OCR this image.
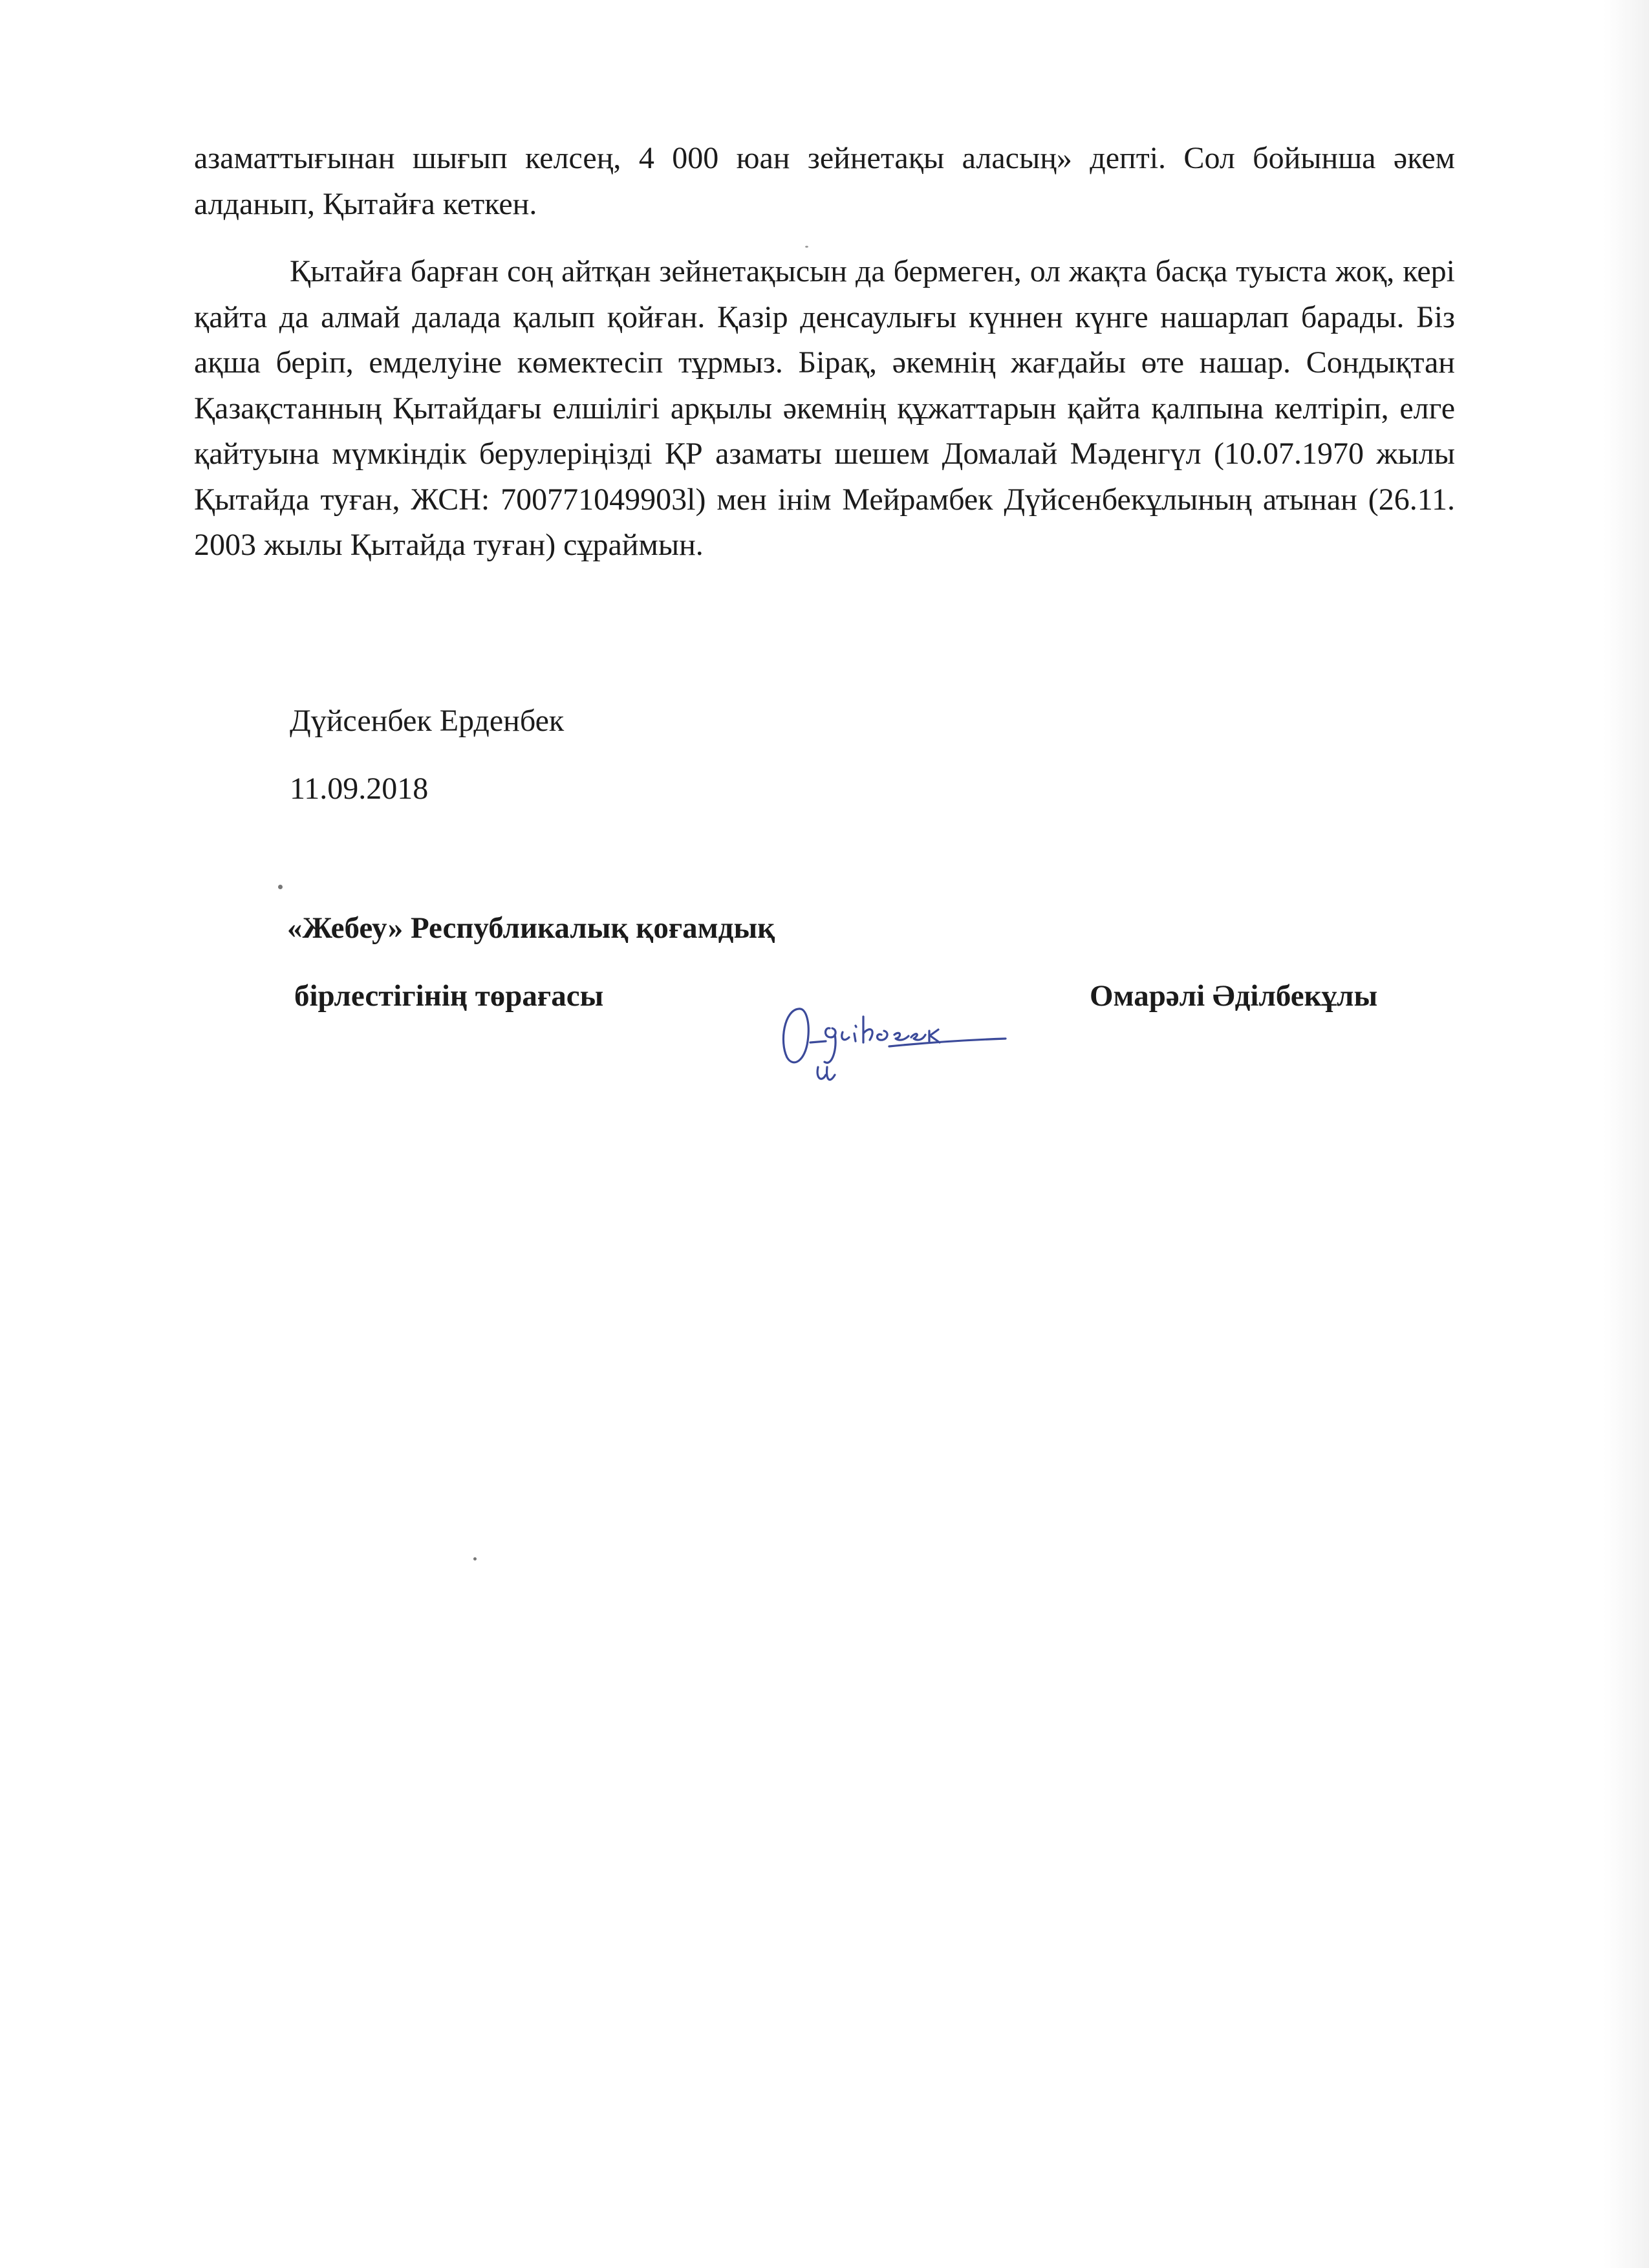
азаматтығынан шығып келсең, 4 000 юан зейнетақы аласың» депті. Сол бойынша әкем алданып, Қытайға кеткен.

Қытайға барған соң айтқан зейнетақысын да бермеген, ол жақта басқа туыста жоқ, кері қайта да алмай далада қалып қойған. Қазір денсаулығы күннен күнге нашарлап барады. Біз ақша беріп, емделуіне көмектесіп тұрмыз. Бірақ, әкемнің жағдайы өте нашар. Сондықтан Қазақстанның Қытайдағы елшілігі арқылы әкемнің құжаттарын қайта қалпына келтіріп, елге қайтуына мүмкіндік берулеріңізді ҚР азаматы шешем Домалай Мәденгүл (10.07.1970 жылы Қытайда туған, ЖСН: 700771049903l) мен інім Мейрамбек Дүйсенбекұлының атынан (26.11. 2003 жылы Қытайда туған) сұраймын.

Дүйсенбек Ерденбек
11.09.2018
«Жебеу» Республикалық қоғамдық
бірлестігінің төрағасы	Омарәлі Әдiлбекұлы
